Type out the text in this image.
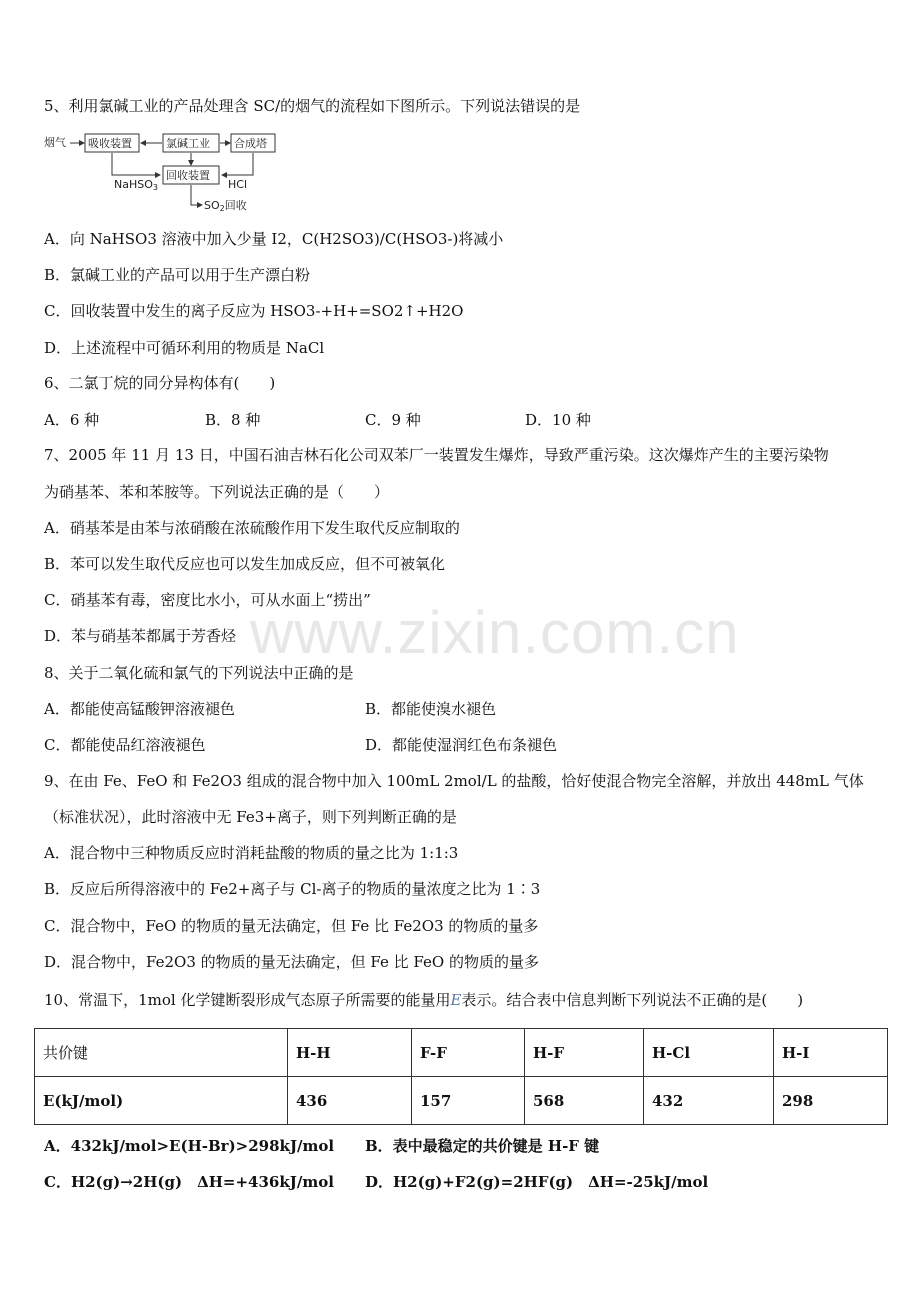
www.zixin.com.cn
5、利用氯碱工业的产品处理含 SC/的烟气的流程如下图所示。下列说法错误的是
烟气 吸收装置	氯碱工业 合成塔
回收装置
NaHSO3	HCl
SO2回收
A．向 NaHSO3 溶液中加入少量 I2，C(H2SO3)/C(HSO3-)将减小
B．氯碱工业的产品可以用于生产漂白粉
C．回收装置中发生的离子反应为 HSO3-+H+=SO2↑+H2O
D．上述流程中可循环利用的物质是 NaCl
6、二氯丁烷的同分异构体有(　　)
A．6 种	B．8 种	C．9 种	D．10 种
7、2005 年 11 月 13 日，中国石油吉林石化公司双苯厂一装置发生爆炸，导致严重污染。这次爆炸产生的主要污染物
为硝基苯、苯和苯胺等。下列说法正确的是（　　）
A．硝基苯是由苯与浓硝酸在浓硫酸作用下发生取代反应制取的
B．苯可以发生取代反应也可以发生加成反应，但不可被氧化
C．硝基苯有毒，密度比水小，可从水面上“捞出”
D．苯与硝基苯都属于芳香烃
8、关于二氧化硫和氯气的下列说法中正确的是
A．都能使高锰酸钾溶液褪色	B．都能使溴水褪色
C．都能使品红溶液褪色	D．都能使湿润红色布条褪色
9、在由 Fe、FeO 和 Fe2O3 组成的混合物中加入 100mL 2mol/L 的盐酸，恰好使混合物完全溶解，并放出 448mL 气体
（标准状况），此时溶液中无 Fe3+离子，则下列判断正确的是
A．混合物中三种物质反应时消耗盐酸的物质的量之比为 1:1:3
B．反应后所得溶液中的 Fe2+离子与 Cl-离子的物质的量浓度之比为 1∶3
C．混合物中，FeO 的物质的量无法确定，但 Fe 比 Fe2O3 的物质的量多
D．混合物中，Fe2O3 的物质的量无法确定，但 Fe 比 FeO 的物质的量多
10、常温下，1mol 化学键断裂形成气态原子所需要的能量用E表示。结合表中信息判断下列说法不正确的是(　　)
共价键	H-H	F-F	H-F	H-Cl	H-I
E(kJ/mol)	436	157	568	432	298
A．432kJ/mol>E(H-Br)>298kJ/mol B．表中最稳定的共价键是 H-F 键
C．H2(g)→2H(g)　ΔH=+436kJ/mol D．H2(g)+F2(g)=2HF(g)　ΔH=-25kJ/mol
